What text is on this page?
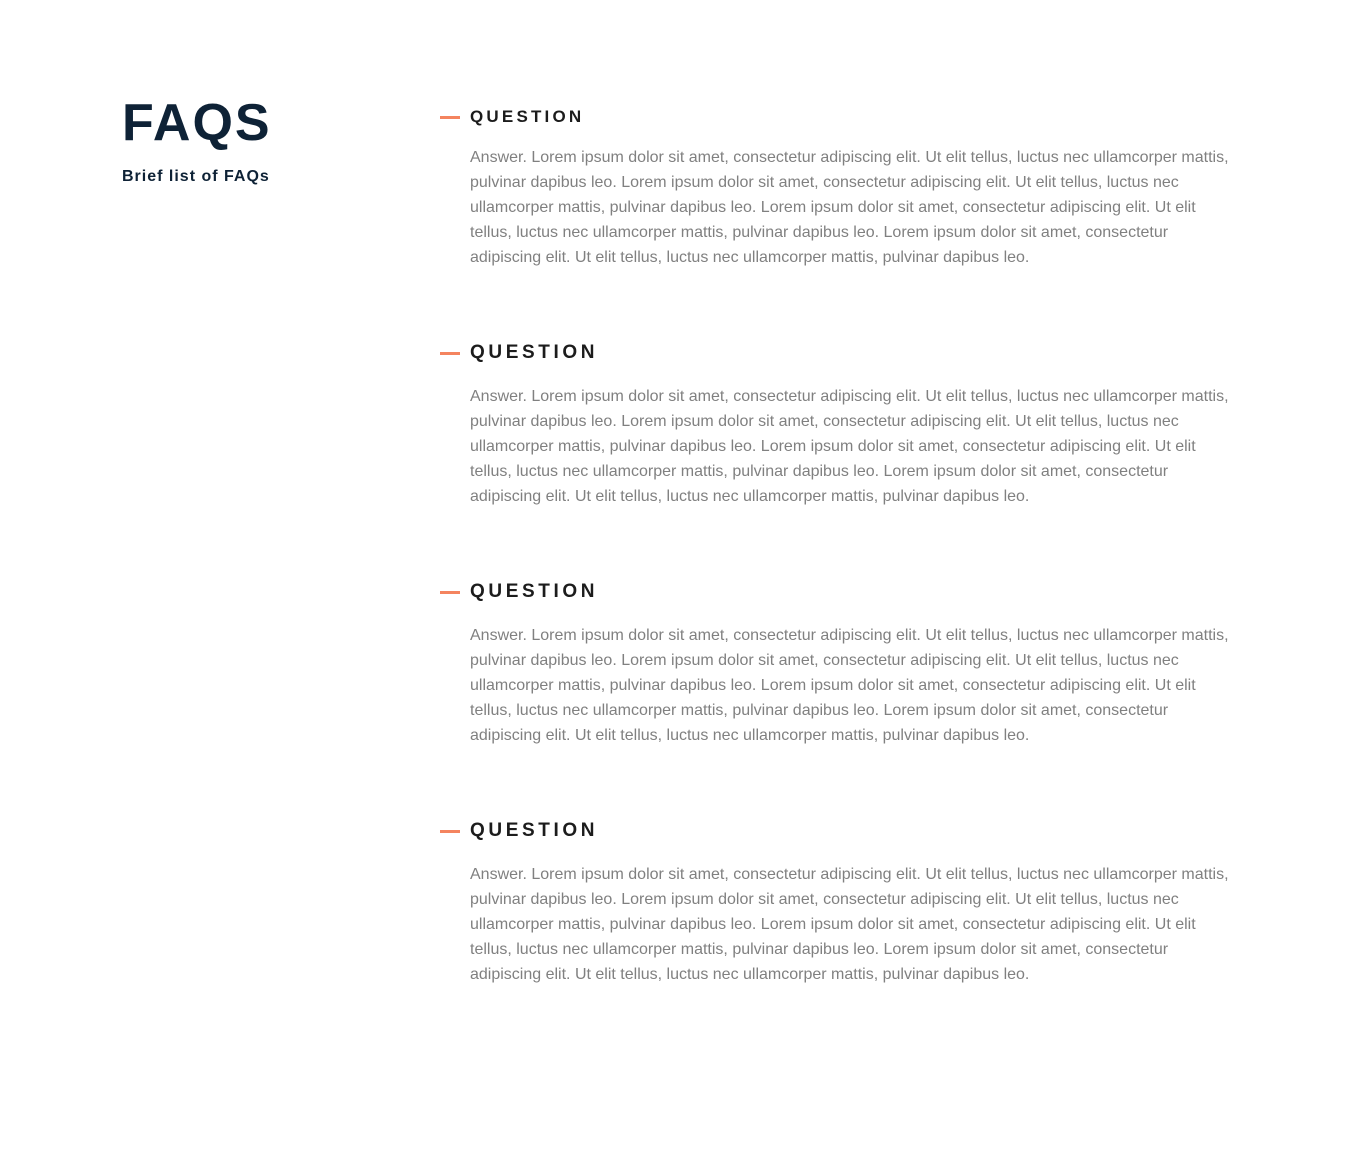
FAQS
Brief list of FAQs
QUESTION

Answer. Lorem ipsum dolor sit amet, consectetur adipiscing elit. Ut elit tellus, luctus nec ullamcorper mattis, pulvinar dapibus leo. Lorem ipsum dolor sit amet, consectetur adipiscing elit. Ut elit tellus, luctus nec ullamcorper mattis, pulvinar dapibus leo. Lorem ipsum dolor sit amet, consectetur adipiscing elit. Ut elit tellus, luctus nec ullamcorper mattis, pulvinar dapibus leo. Lorem ipsum dolor sit amet, consectetur adipiscing elit. Ut elit tellus, luctus nec ullamcorper mattis, pulvinar dapibus leo.

QUESTION

Answer. Lorem ipsum dolor sit amet, consectetur adipiscing elit. Ut elit tellus, luctus nec ullamcorper mattis, pulvinar dapibus leo. Lorem ipsum dolor sit amet, consectetur adipiscing elit. Ut elit tellus, luctus nec ullamcorper mattis, pulvinar dapibus leo. Lorem ipsum dolor sit amet, consectetur adipiscing elit. Ut elit tellus, luctus nec ullamcorper mattis, pulvinar dapibus leo. Lorem ipsum dolor sit amet, consectetur adipiscing elit. Ut elit tellus, luctus nec ullamcorper mattis, pulvinar dapibus leo.

QUESTION

Answer. Lorem ipsum dolor sit amet, consectetur adipiscing elit. Ut elit tellus, luctus nec ullamcorper mattis, pulvinar dapibus leo. Lorem ipsum dolor sit amet, consectetur adipiscing elit. Ut elit tellus, luctus nec ullamcorper mattis, pulvinar dapibus leo. Lorem ipsum dolor sit amet, consectetur adipiscing elit. Ut elit tellus, luctus nec ullamcorper mattis, pulvinar dapibus leo. Lorem ipsum dolor sit amet, consectetur adipiscing elit. Ut elit tellus, luctus nec ullamcorper mattis, pulvinar dapibus leo.

QUESTION

Answer. Lorem ipsum dolor sit amet, consectetur adipiscing elit. Ut elit tellus, luctus nec ullamcorper mattis, pulvinar dapibus leo. Lorem ipsum dolor sit amet, consectetur adipiscing elit. Ut elit tellus, luctus nec ullamcorper mattis, pulvinar dapibus leo. Lorem ipsum dolor sit amet, consectetur adipiscing elit. Ut elit tellus, luctus nec ullamcorper mattis, pulvinar dapibus leo. Lorem ipsum dolor sit amet, consectetur adipiscing elit. Ut elit tellus, luctus nec ullamcorper mattis, pulvinar dapibus leo.
